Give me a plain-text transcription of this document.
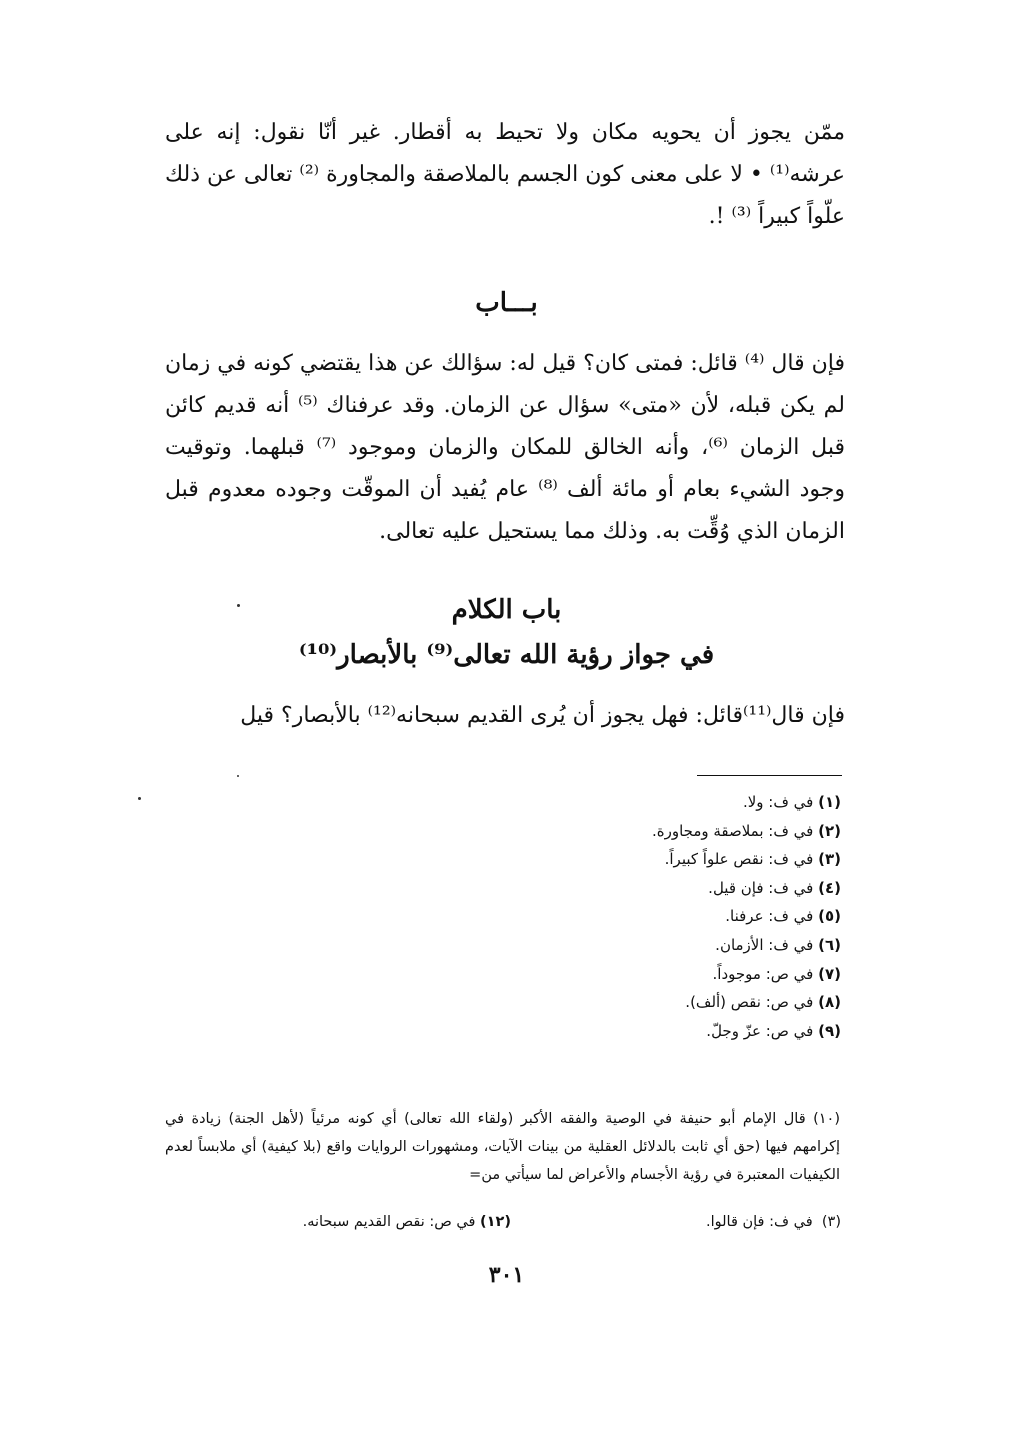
ممّن يجوز أن يحويه مكان ولا تحيط به أقطار. غير أنّا نقول: إنه على عرشه⁽¹⁾ • لا على معنى كون الجسم بالملاصقة والمجاورة ⁽²⁾ تعالى عن ذلك علّواً كبيراً ⁽³⁾ !.
بـــاب
فإن قال ⁽⁴⁾ قائل: فمتى كان؟ قيل له: سؤالك عن هذا يقتضي كونه في زمان لم يكن قبله، لأن «متى» سؤال عن الزمان. وقد عرفناك ⁽⁵⁾ أنه قديم كائن قبل الزمان ⁽⁶⁾، وأنه الخالق للمكان والزمان وموجود ⁽⁷⁾ قبلهما. وتوقيت وجود الشيء بعام أو مائة ألف ⁽⁸⁾ عام يُفيد أن الموقّت وجوده معدوم قبل الزمان الذي وُقِّت به. وذلك مما يستحيل عليه تعالى.
باب الكلام
في جواز رؤية الله تعالى⁽⁹⁾ بالأبصار⁽¹⁰⁾
فإن قال⁽¹¹⁾قائل: فهل يجوز أن يُرى القديم سبحانه⁽¹²⁾ بالأبصار؟ قيل
(١) في ف: ولا.
(٢) في ف: بملاصقة ومجاورة.
(٣) في ف: نقص علواً كبيراً.
(٤) في ف: فإن قيل.
(٥) في ف: عرفنا.
(٦) في ف: الأزمان.
(٧) في ص: موجوداً.
(٨) في ص: نقص (ألف).
(٩) في ص: عزّ وجلّ.
(١٠) قال الإمام أبو حنيفة في الوصية والفقه الأكبر (ولقاء الله تعالى) أي كونه مرئياً (لأهل الجنة) زيادة في إكرامهم فيها (حق أي ثابت بالدلائل العقلية من بينات الآيات، ومشهورات الروايات واقع (بلا كيفية) أي ملابساً لعدم الكيفيات المعتبرة في رؤية الأجسام والأعراض لما سيأتي من=
(٣)  في ف: فإن قالوا.(١٢) في ص: نقص القديم سبحانه.
٣٠١
